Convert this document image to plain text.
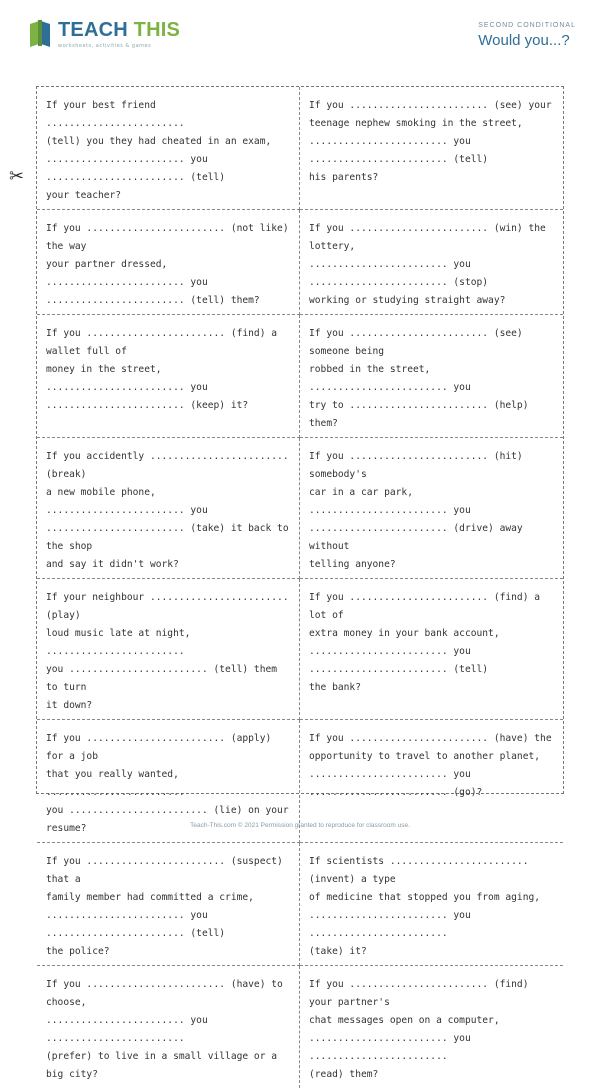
TEACH THIS
worksheets, activities & games
SECOND CONDITIONAL
Would you...?
✂

If your best friend ........................
(tell) you they had cheated in an exam,
........................ you ........................ (tell)
your teacher?

If you ........................ (see) your
teenage nephew smoking in the street,
........................ you ........................ (tell)
his parents?

If you ........................ (not like) the way
your partner dressed, ........................ you
........................ (tell) them?

If you ........................ (win) the lottery,
........................ you ........................ (stop)
working or studying straight away?

If you ........................ (find) a wallet full of
money in the street, ........................ you
........................ (keep) it?

If you ........................ (see) someone being
robbed in the street, ........................ you
try to ........................ (help) them?

If you accidently ........................ (break)
a new mobile phone, ........................ you
........................ (take) it back to the shop
and say it didn't work?

If you ........................ (hit) somebody's
car in a car park, ........................ you
........................ (drive) away without
telling anyone?

If your neighbour ........................ (play)
loud music late at night, ........................
you ........................ (tell) them to turn
it down?

If you ........................ (find) a lot of
extra money in your bank account,
........................ you ........................ (tell)
the bank?

If you ........................ (apply) for a job
that you really wanted, ........................
you ........................ (lie) on your resume?

If you ........................ (have) the
opportunity to travel to another planet,
........................ you ........................ (go)?

If you ........................ (suspect) that a
family member had committed a crime,
........................ you ........................ (tell)
the police?

If scientists ........................ (invent) a type
of medicine that stopped you from aging,
........................ you ........................
(take) it?

If you ........................ (have) to choose,
........................ you ........................
(prefer) to live in a small village or a
big city?

If you ........................ (find) your partner's
chat messages open on a computer,
........................ you ........................
(read) them?

Teach-This.com © 2021 Permission granted to reproduce for classroom use.
